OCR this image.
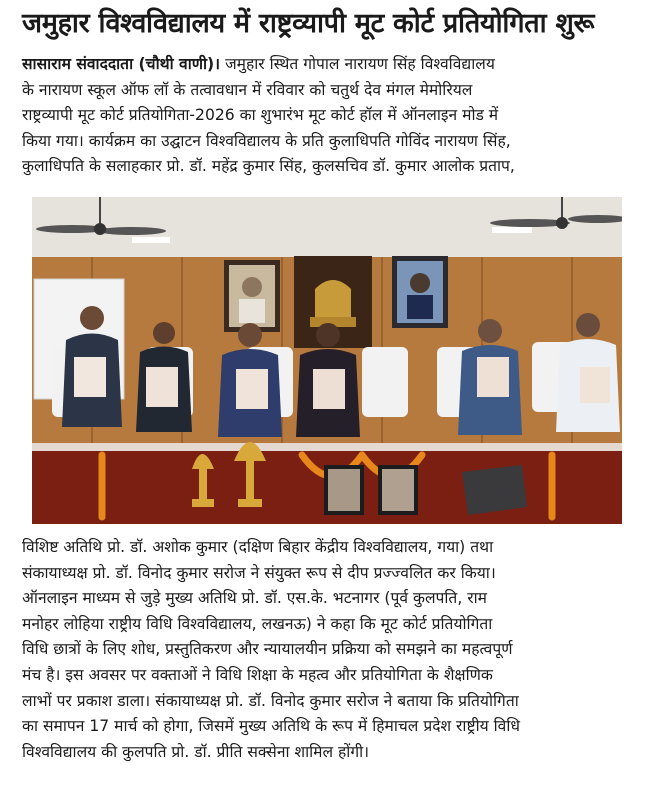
जमुहार विश्वविद्यालय में राष्ट्रव्यापी मूट कोर्ट प्रतियोगिता शुरू
सासाराम संवाददाता (चौथी वाणी)। जमुहार स्थित गोपाल नारायण सिंह विश्वविद्यालय
के नारायण स्कूल ऑफ लॉ के तत्वावधान में रविवार को चतुर्थ देव मंगल मेमोरियल
राष्ट्रव्यापी मूट कोर्ट प्रतियोगिता-2026 का शुभारंभ मूट कोर्ट हॉल में ऑनलाइन मोड में
किया गया। कार्यक्रम का उद्घाटन विश्वविद्यालय के प्रति कुलाधिपति गोविंद नारायण सिंह,
कुलाधिपति के सलाहकार प्रो. डॉ. महेंद्र कुमार सिंह, कुलसचिव डॉ. कुमार आलोक प्रताप,
विशिष्ट अतिथि प्रो. डॉ. अशोक कुमार (दक्षिण बिहार केंद्रीय विश्वविद्यालय, गया) तथा
संकायाध्यक्ष प्रो. डॉ. विनोद कुमार सरोज ने संयुक्त रूप से दीप प्रज्ज्वलित कर किया।
ऑनलाइन माध्यम से जुड़े मुख्य अतिथि प्रो. डॉ. एस.के. भटनागर (पूर्व कुलपति, राम
मनोहर लोहिया राष्ट्रीय विधि विश्वविद्यालय, लखनऊ) ने कहा कि मूट कोर्ट प्रतियोगिता
विधि छात्रों के लिए शोध, प्रस्तुतिकरण और न्यायालयीन प्रक्रिया को समझने का महत्वपूर्ण
मंच है। इस अवसर पर वक्ताओं ने विधि शिक्षा के महत्व और प्रतियोगिता के शैक्षणिक
लाभों पर प्रकाश डाला। संकायाध्यक्ष प्रो. डॉ. विनोद कुमार सरोज ने बताया कि प्रतियोगिता
का समापन 17 मार्च को होगा, जिसमें मुख्य अतिथि के रूप में हिमाचल प्रदेश राष्ट्रीय विधि
विश्वविद्यालय की कुलपति प्रो. डॉ. प्रीति सक्सेना शामिल होंगी।
